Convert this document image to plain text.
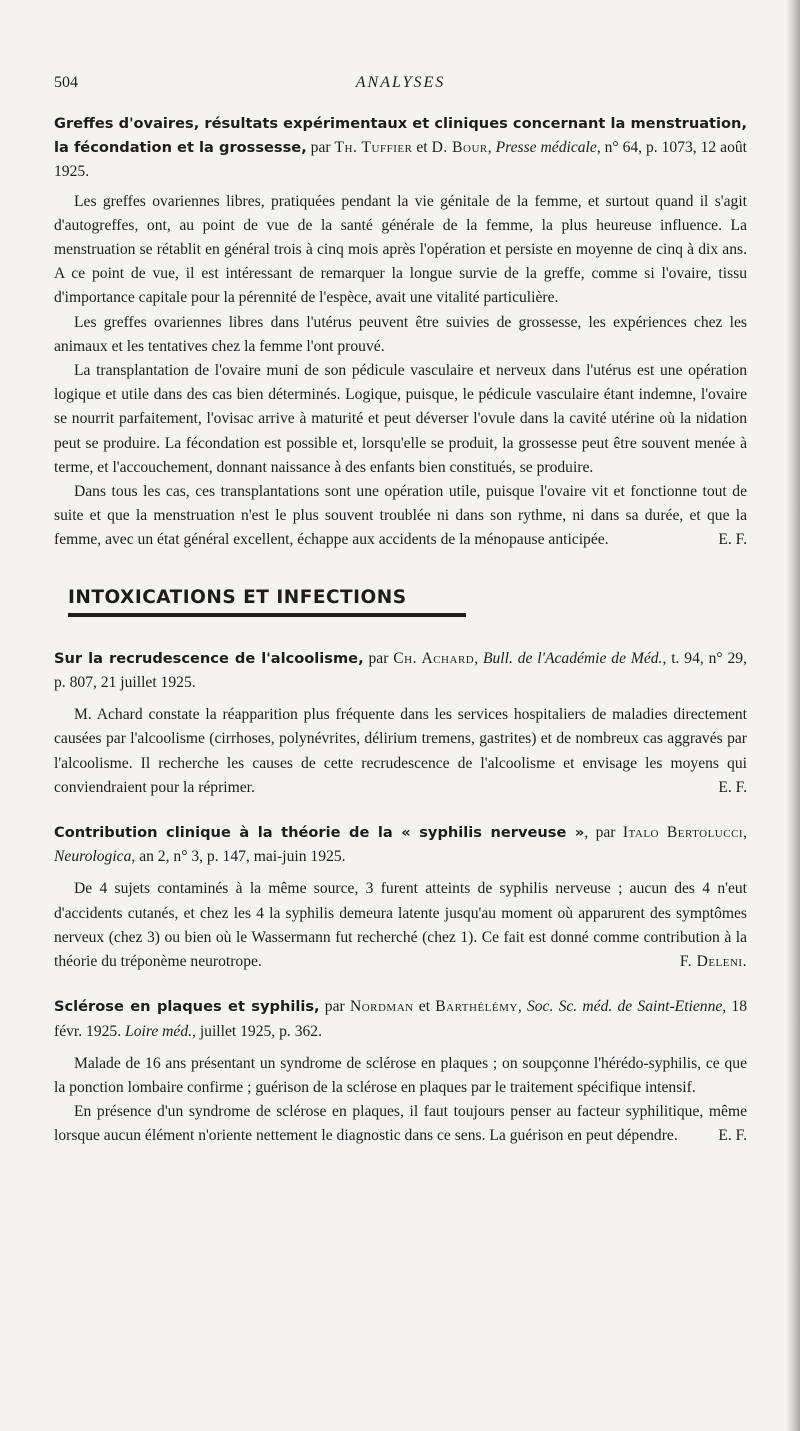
504	ANALYSES
Greffes d'ovaires, résultats expérimentaux et cliniques concernant la menstruation, la fécondation et la grossesse, par Th. Tuffier et D. Bour, Presse médicale, n° 64, p. 1073, 12 août 1925.

Les greffes ovariennes libres, pratiquées pendant la vie génitale de la femme, et surtout quand il s'agit d'autogreffes, ont, au point de vue de la santé générale de la femme, la plus heureuse influence. La menstruation se rétablit en général trois à cinq mois après l'opération et persiste en moyenne de cinq à dix ans. A ce point de vue, il est intéressant de remarquer la longue survie de la greffe, comme si l'ovaire, tissu d'importance capitale pour la pérennité de l'espèce, avait une vitalité particulière.

Les greffes ovariennes libres dans l'utérus peuvent être suivies de grossesse, les expériences chez les animaux et les tentatives chez la femme l'ont prouvé.

La transplantation de l'ovaire muni de son pédicule vasculaire et nerveux dans l'utérus est une opération logique et utile dans des cas bien déterminés. Logique, puisque, le pédicule vasculaire étant indemne, l'ovaire se nourrit parfaitement, l'ovisac arrive à maturité et peut déverser l'ovule dans la cavité utérine où la nidation peut se produire. La fécondation est possible et, lorsqu'elle se produit, la grossesse peut être souvent menée à terme, et l'accouchement, donnant naissance à des enfants bien constitués, se produire.

Dans tous les cas, ces transplantations sont une opération utile, puisque l'ovaire vit et fonctionne tout de suite et que la menstruation n'est le plus souvent troublée ni dans son rythme, ni dans sa durée, et que la femme, avec un état général excellent, échappe aux accidents de la ménopause anticipée.	E. F.

INTOXICATIONS ET INFECTIONS
Sur la recrudescence de l'alcoolisme, par Ch. Achard, Bull. de l'Académie de Méd., t. 94, n° 29, p. 807, 21 juillet 1925.

M. Achard constate la réapparition plus fréquente dans les services hospitaliers de maladies directement causées par l'alcoolisme (cirrhoses, polynévrites, délirium tremens, gastrites) et de nombreux cas aggravés par l'alcoolisme. Il recherche les causes de cette recrudescence de l'alcoolisme et envisage les moyens qui conviendraient pour la réprimer.	E. F.

Contribution clinique à la théorie de la « syphilis nerveuse », par Italo Bertolucci, Neurologica, an 2, n° 3, p. 147, mai-juin 1925.

De 4 sujets contaminés à la même source, 3 furent atteints de syphilis nerveuse ; aucun des 4 n'eut d'accidents cutanés, et chez les 4 la syphilis demeura latente jusqu'au moment où apparurent des symptômes nerveux (chez 3) ou bien où le Wassermann fut recherché (chez 1). Ce fait est donné comme contribution à la théorie du tréponème neurotrope.	F. Deleni.

Sclérose en plaques et syphilis, par Nordman et Barthélémy, Soc. Sc. méd. de Saint-Etienne, 18 févr. 1925. Loire méd., juillet 1925, p. 362.

Malade de 16 ans présentant un syndrome de sclérose en plaques ; on soupçonne l'hérédo-syphilis, ce que la ponction lombaire confirme ; guérison de la sclérose en plaques par le traitement spécifique intensif.

En présence d'un syndrome de sclérose en plaques, il faut toujours penser au facteur syphilitique, même lorsque aucun élément n'oriente nettement le diagnostic dans ce sens. La guérison en peut dépendre.	E. F.
